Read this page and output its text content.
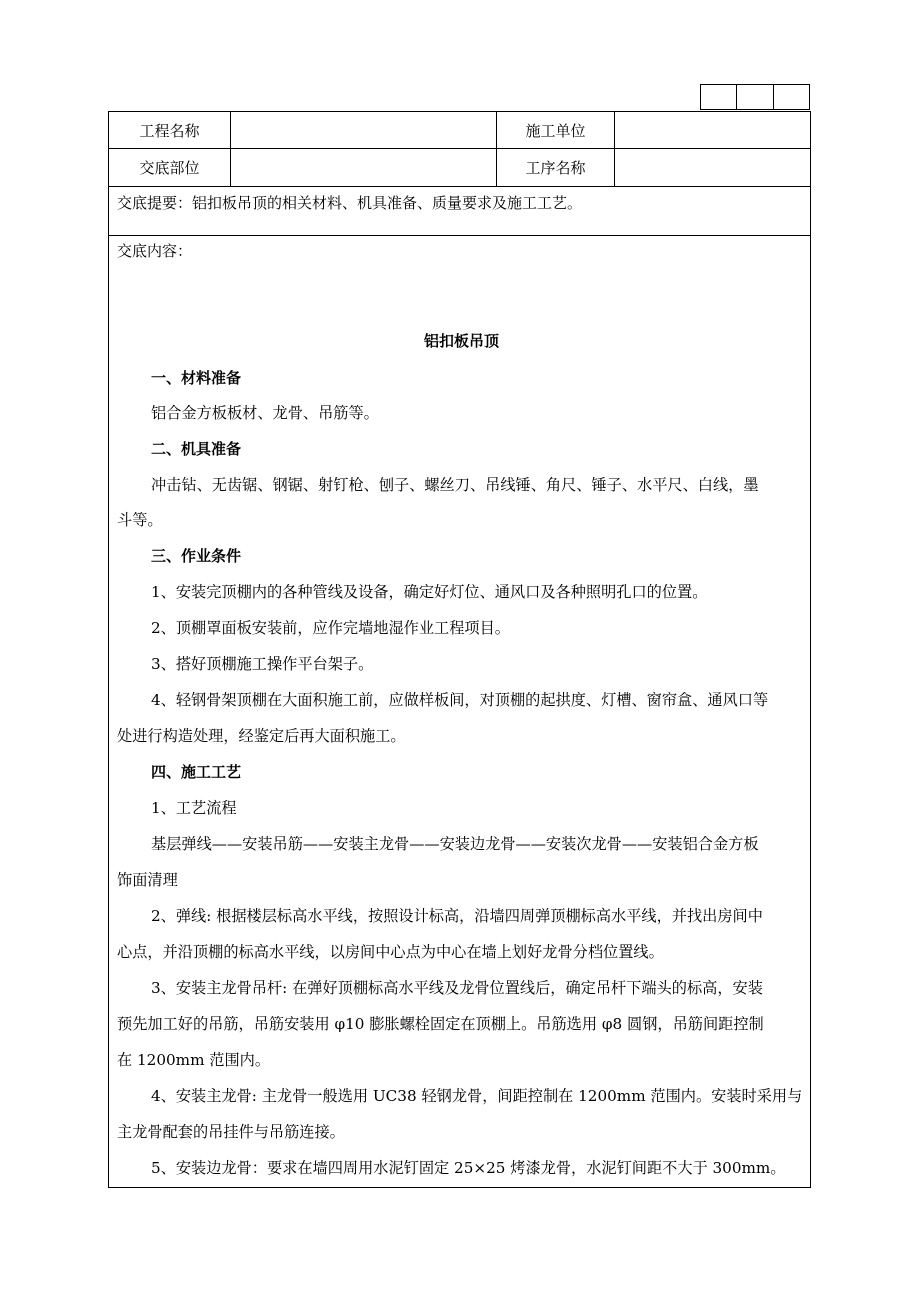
工程名称	施工单位
交底部位	工序名称
交底提要：铝扣板吊顶的相关材料、机具准备、质量要求及施工工艺。
交底内容：
铝扣板吊顶
一、材料准备
铝合金方板板材、龙骨、吊筋等。
二、机具准备
冲击钻、无齿锯、钢锯、射钉枪、刨子、螺丝刀、吊线锤、角尺、锤子、水平尺、白线，墨
斗等。
三、作业条件
1、安装完顶棚内的各种管线及设备，确定好灯位、通风口及各种照明孔口的位置。
2、顶棚罩面板安装前，应作完墙地湿作业工程项目。
3、搭好顶棚施工操作平台架子。
4、轻钢骨架顶棚在大面积施工前，应做样板间，对顶棚的起拱度、灯槽、窗帘盒、通风口等
处进行构造处理，经鉴定后再大面积施工。
四、施工工艺
1、工艺流程
基层弹线——安装吊筋——安装主龙骨——安装边龙骨——安装次龙骨——安装铝合金方板
饰面清理
2、弹线: 根据楼层标高水平线，按照设计标高，沿墙四周弹顶棚标高水平线，并找出房间中
心点，并沿顶棚的标高水平线，以房间中心点为中心在墙上划好龙骨分档位置线。
3、安装主龙骨吊杆: 在弹好顶棚标高水平线及龙骨位置线后，确定吊杆下端头的标高，安装
预先加工好的吊筋，吊筋安装用 φ10 膨胀螺栓固定在顶棚上。吊筋选用 φ8 圆钢，吊筋间距控制
在 1200mm 范围内。
4、安装主龙骨: 主龙骨一般选用 UC38 轻钢龙骨，间距控制在 1200mm 范围内。安装时采用与
主龙骨配套的吊挂件与吊筋连接。
5、安装边龙骨：要求在墙四周用水泥钉固定 25×25 烤漆龙骨，水泥钉间距不大于 300mm。
